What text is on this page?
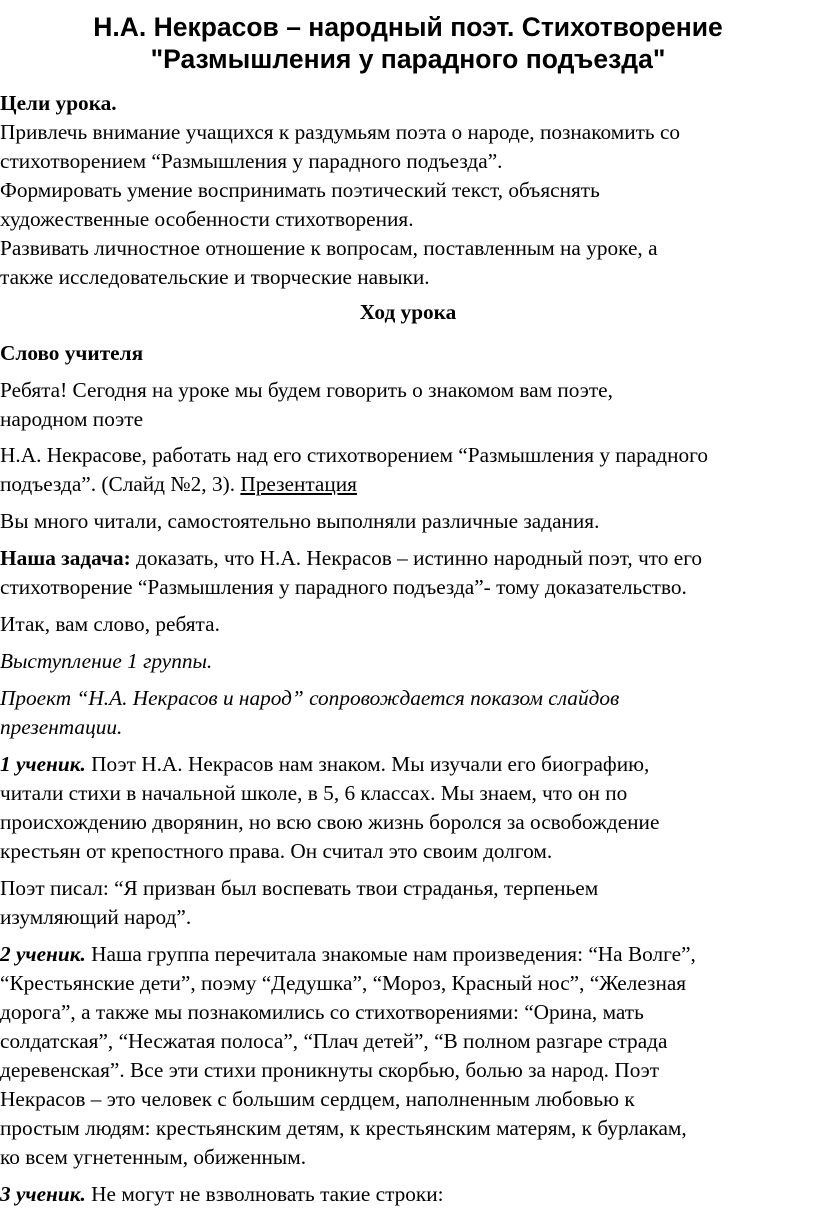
Н.А. Некрасов – народный поэт. Стихотворение
"Размышления у парадного подъезда"

Цели урока.

Привлечь внимание учащихся к раздумьям поэта о народе, познакомить со

стихотворением “Размышления у парадного подъезда”.

Формировать умение воспринимать поэтический текст, объяснять

художественные особенности стихотворения.

Развивать личностное отношение к вопросам, поставленным на уроке, а

также исследовательские и творческие навыки.

Ход урока

Слово учителя

Ребята! Сегодня на уроке мы будем говорить о знакомом вам поэте,

народном поэте

Н.А. Некрасове, работать над его стихотворением “Размышления у парадного

подъезда”. (Слайд №2, 3). Презентация

Вы много читали, самостоятельно выполняли различные задания.

Наша задача: доказать, что Н.А. Некрасов – истинно народный поэт, что его

стихотворение “Размышления у парадного подъезда”- тому доказательство.

Итак, вам слово, ребята.

Выступление 1 группы.

Проект “Н.А. Некрасов и народ” сопровождается показом слайдов

презентации.

1 ученик. Поэт Н.А. Некрасов нам знаком. Мы изучали его биографию,

читали стихи в начальной школе, в 5, 6 классах. Мы знаем, что он по

происхождению дворянин, но всю свою жизнь боролся за освобождение

крестьян от крепостного права. Он считал это своим долгом.

Поэт писал: “Я призван был воспевать твои страданья, терпеньем

изумляющий народ”.

2 ученик. Наша группа перечитала знакомые нам произведения: “На Волге”,

“Крестьянские дети”, поэму “Дедушка”, “Мороз, Красный нос”, “Железная

дорога”, а также мы познакомились со стихотворениями: “Орина, мать

солдатская”, “Несжатая полоса”, “Плач детей”, “В полном разгаре страда

деревенская”. Все эти стихи проникнуты скорбью, болью за народ. Поэт

Некрасов – это человек с большим сердцем, наполненным любовью к

простым людям: крестьянским детям, к крестьянским матерям, к бурлакам,

ко всем угнетенным, обиженным.

3 ученик. Не могут не взволновать такие строки:
